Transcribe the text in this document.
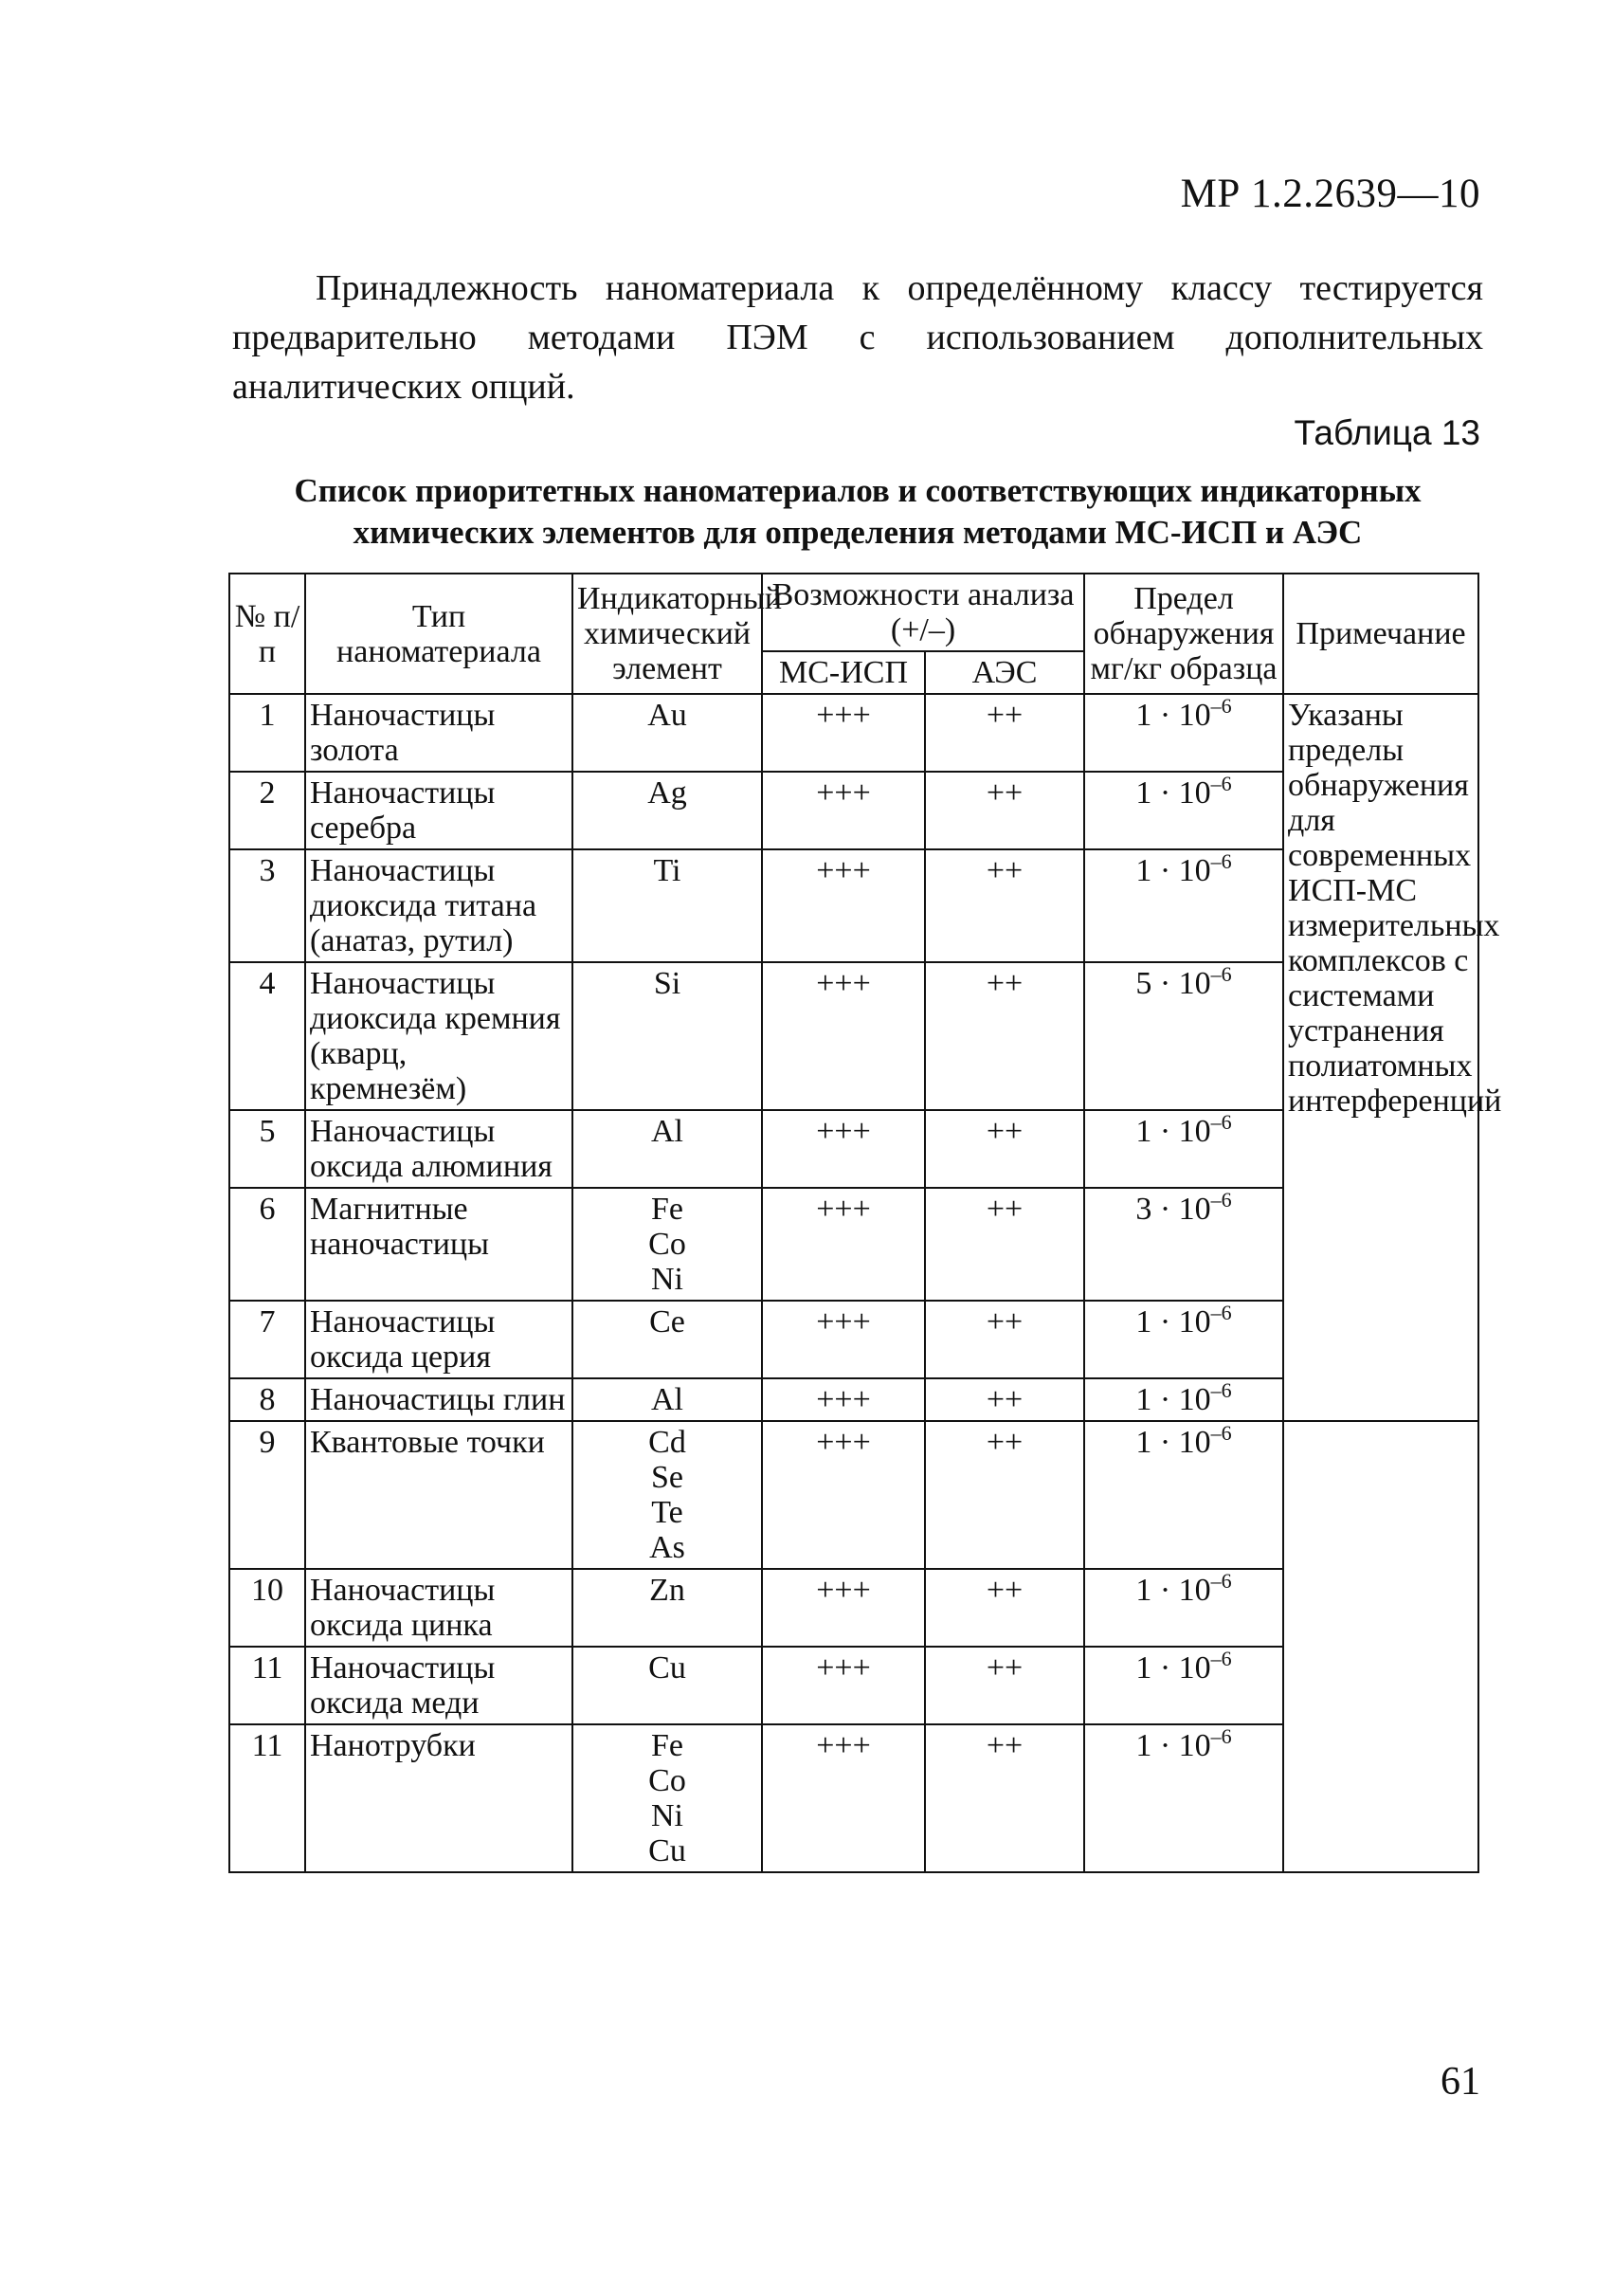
МР 1.2.2639—10

Принадлежность наноматериала к определённому классу тестируется предварительно методами ПЭМ с использованием дополнительных аналитических опций.

Таблица 13

Список приоритетных наноматериалов и соответствующих индикаторных химических элементов для определения методами МС-ИСП и АЭС

№ п/п	Тип наноматериала	Индикаторный химический элемент	Возможности анализа (+/–)		Предел обнаружения мг/кг образца	Примечание
			МС-ИСП	АЭС		
1	Наночастицы золота	Au	+++	++	$1 \cdot 10^{-6}$	Указаны пределы обнаружения для современных ИСП-МС измерительных комплексов с системами устранения полиатомных интерференций
2	Наночастицы серебра	Ag	+++	++	$1 \cdot 10^{-6}$
3	Наночастицы диоксида титана (анатаз, рутил)	Ti	+++	++	$1 \cdot 10^{-6}$
4	Наночастицы диоксида кремния (кварц, кремнезём)	Si	+++	++	$5 \cdot 10^{-6}$
5	Наночастицы оксида алюминия	Al	+++	++	$1 \cdot 10^{-6}$
6	Магнитные наночастицы	Fe
Co
Ni	+++	++	$3 \cdot 10^{-6}$
7	Наночастицы оксида церия	Ce	+++	++	$1 \cdot 10^{-6}$
8	Наночастицы глин	Al	+++	++	$1 \cdot 10^{-6}$
9	Квантовые точки	Cd
Se
Te
As	+++	++	$1 \cdot 10^{-6}$	
10	Наночастицы оксида цинка	Zn	+++	++	$1 \cdot 10^{-6}$
11	Наночастицы оксида меди	Cu	+++	++	$1 \cdot 10^{-6}$
11	Нанотрубки	Fe
Co
Ni
Cu	+++	++	$1 \cdot 10^{-6}$
61
